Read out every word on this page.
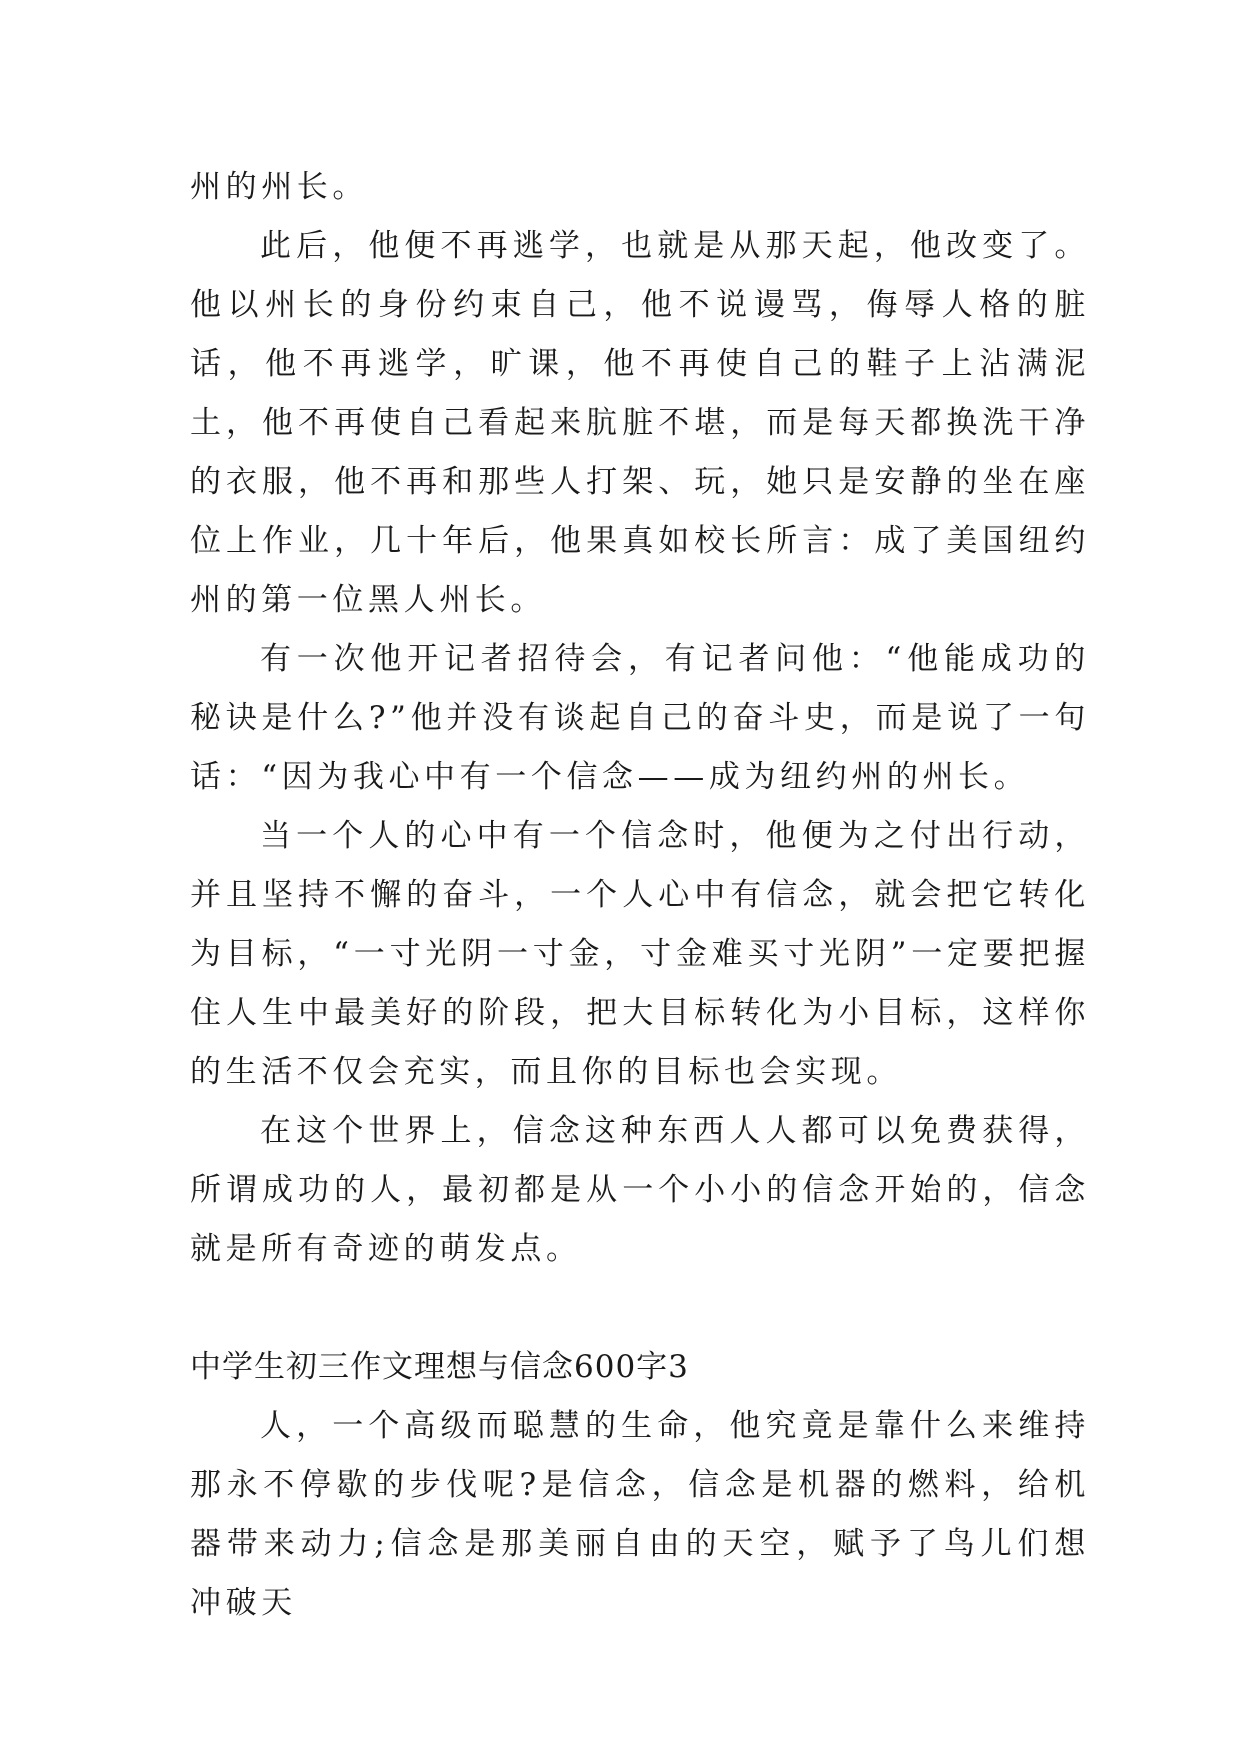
州的州长。

此后，他便不再逃学，也就是从那天起，他改变了。他以州长的身份约束自己，他不说谩骂，侮辱人格的脏话，他不再逃学，旷课，他不再使自己的鞋子上沾满泥土，他不再使自己看起来肮脏不堪，而是每天都换洗干净的衣服，他不再和那些人打架、玩，她只是安静的坐在座位上作业，几十年后，他果真如校长所言：成了美国纽约州的第一位黑人州长。

有一次他开记者招待会，有记者问他：“他能成功的秘诀是什么?”他并没有谈起自己的奋斗史，而是说了一句话：“因为我心中有一个信念——成为纽约州的州长。

当一个人的心中有一个信念时，他便为之付出行动，并且坚持不懈的奋斗，一个人心中有信念，就会把它转化为目标，“一寸光阴一寸金，寸金难买寸光阴”一定要把握住人生中最美好的阶段，把大目标转化为小目标，这样你的生活不仅会充实，而且你的目标也会实现。

在这个世界上，信念这种东西人人都可以免费获得，所谓成功的人，最初都是从一个小小的信念开始的，信念就是所有奇迹的萌发点。

中学生初三作文理想与信念600字3

人，一个高级而聪慧的生命，他究竟是靠什么来维持那永不停歇的步伐呢?是信念，信念是机器的燃料，给机器带来动力;信念是那美丽自由的天空，赋予了鸟儿们想冲破天
